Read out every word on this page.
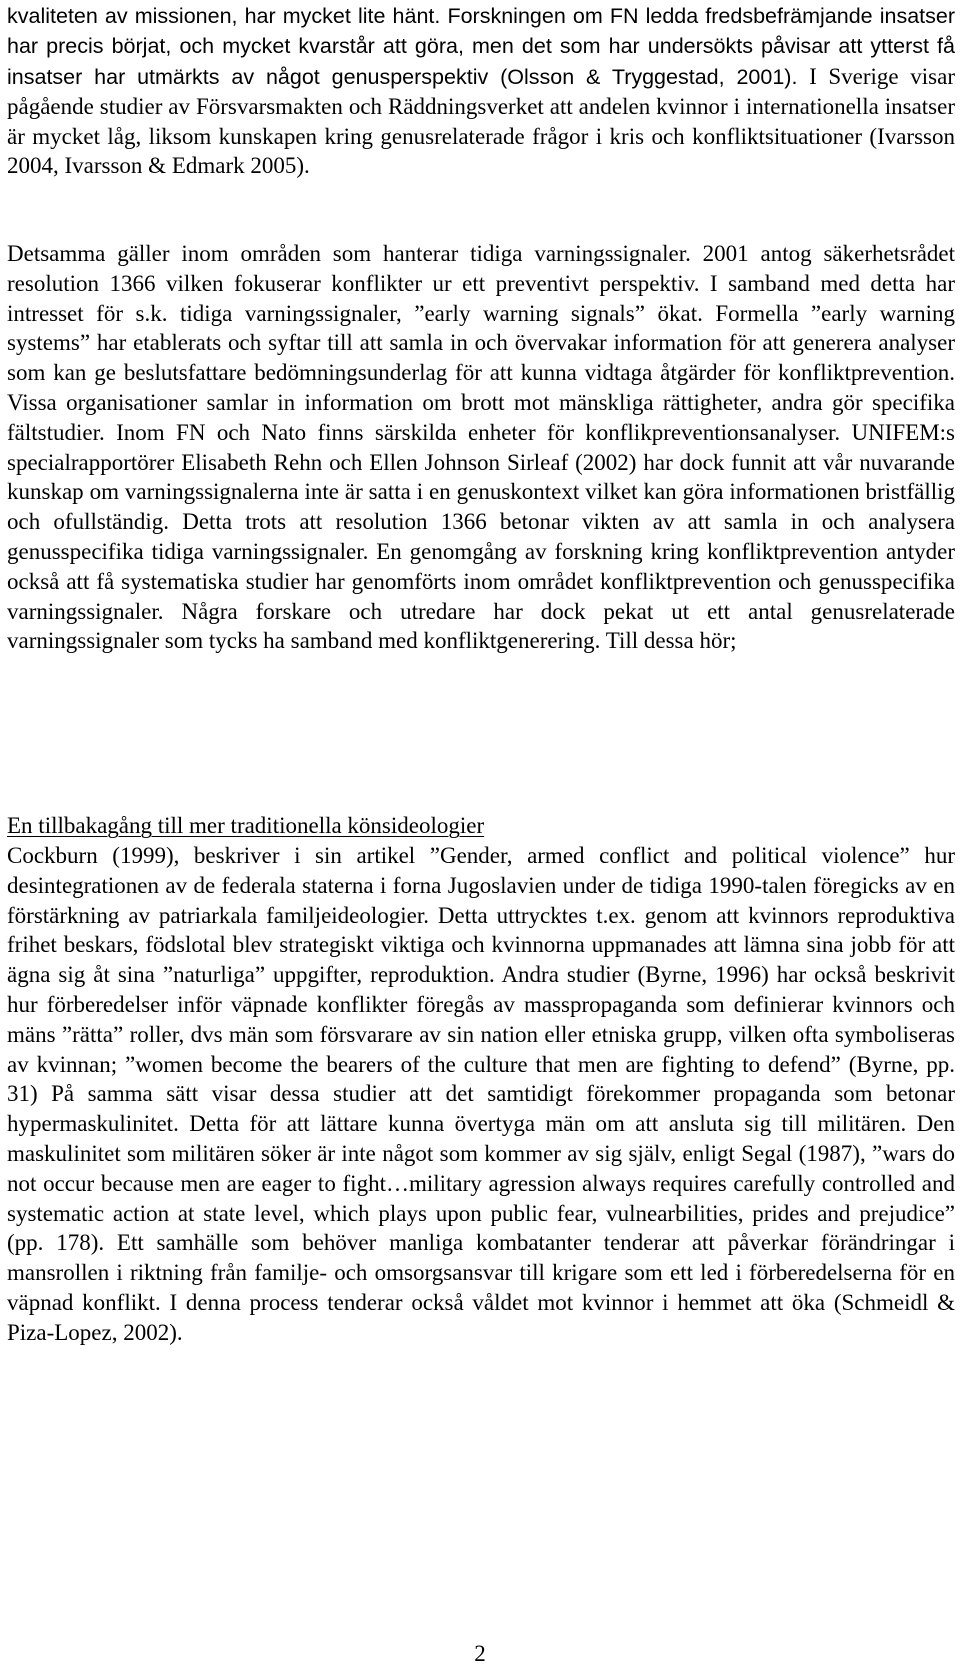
kvaliteten av missionen, har mycket lite hänt. Forskningen om FN ledda fredsbefrämjande insatser har precis börjat, och mycket kvarstår att göra, men det som har undersökts påvisar att ytterst få insatser har utmärkts av något genusperspektiv (Olsson & Tryggestad, 2001). I Sverige visar pågående studier av Försvarsmakten och Räddningsverket att andelen kvinnor i internationella insatser är mycket låg, liksom kunskapen kring genusrelaterade frågor i kris och konfliktsituationer (Ivarsson 2004, Ivarsson & Edmark 2005).

Detsamma gäller inom områden som hanterar tidiga varningssignaler. 2001 antog säkerhetsrådet resolution 1366 vilken fokuserar konflikter ur ett preventivt perspektiv. I samband med detta har intresset för s.k. tidiga varningssignaler, ”early warning signals” ökat. Formella ”early warning systems” har etablerats och syftar till att samla in och övervakar information för att generera analyser som kan ge beslutsfattare bedömningsunderlag för att kunna vidtaga åtgärder för konfliktprevention. Vissa organisationer samlar in information om brott mot mänskliga rättigheter, andra gör specifika fältstudier. Inom FN och Nato finns särskilda enheter för konflikpreventionsanalyser. UNIFEM:s specialrapportörer Elisabeth Rehn och Ellen Johnson Sirleaf (2002) har dock funnit att vår nuvarande kunskap om varningssignalerna inte är satta i en genuskontext vilket kan göra informationen bristfällig och ofullständig. Detta trots att resolution 1366 betonar vikten av att samla in och analysera genusspecifika tidiga varningssignaler. En genomgång av forskning kring konfliktprevention antyder också att få systematiska studier har genomförts inom området konfliktprevention och genusspecifika varningssignaler. Några forskare och utredare har dock pekat ut ett antal genusrelaterade varningssignaler som tycks ha samband med konfliktgenerering. Till dessa hör;

En tillbakagång till mer traditionella könsideologier

Cockburn (1999), beskriver i sin artikel ”Gender, armed conflict and political violence” hur desintegrationen av de federala staterna i forna Jugoslavien under de tidiga 1990-talen föregicks av en förstärkning av patriarkala familjeideologier. Detta uttrycktes t.ex. genom att kvinnors reproduktiva frihet beskars, födslotal blev strategiskt viktiga och kvinnorna uppmanades att lämna sina jobb för att ägna sig åt sina ”naturliga” uppgifter, reproduktion. Andra studier (Byrne, 1996) har också beskrivit hur förberedelser inför väpnade konflikter föregås av masspropaganda som definierar kvinnors och mäns ”rätta” roller, dvs män som försvarare av sin nation eller etniska grupp, vilken ofta symboliseras av kvinnan; ”women become the bearers of the culture that men are fighting to defend” (Byrne, pp. 31) På samma sätt visar dessa studier att det samtidigt förekommer propaganda som betonar hypermaskulinitet. Detta för att lättare kunna övertyga män om att ansluta sig till militären. Den maskulinitet som militären söker är inte något som kommer av sig själv, enligt Segal (1987), ”wars do not occur because men are eager to fight…military agression always requires carefully controlled and systematic action at state level, which plays upon public fear, vulnearbilities, prides and prejudice” (pp. 178). Ett samhälle som behöver manliga kombatanter tenderar att påverkar förändringar i mansrollen i riktning från familje- och omsorgsansvar till krigare som ett led i förberedelserna för en väpnad konflikt. I denna process tenderar också våldet mot kvinnor i hemmet att öka (Schmeidl & Piza-Lopez, 2002).

2
